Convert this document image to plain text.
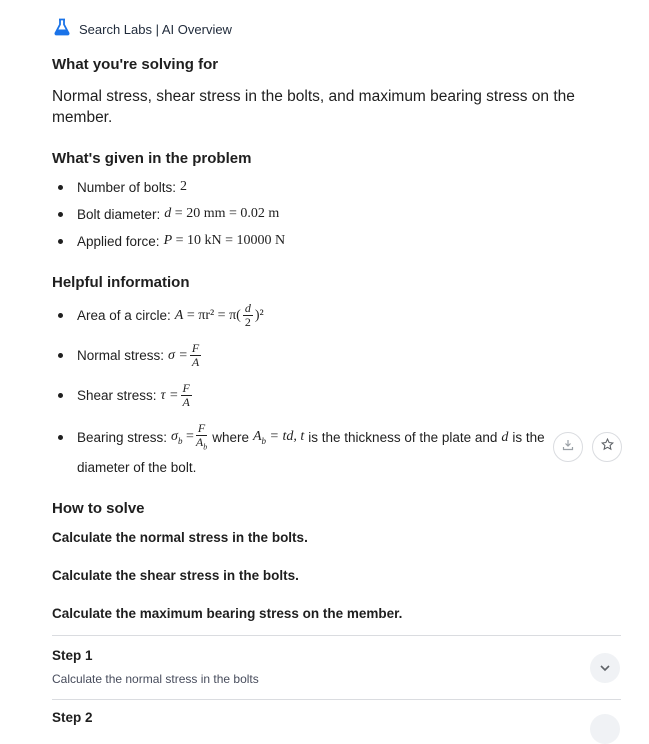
Search Labs | AI Overview
What you're solving for
Normal stress, shear stress in the bolts, and maximum bearing stress on the member.
What's given in the problem
Number of bolts: 2
Bolt diameter: d = 20 mm = 0.02 m
Applied force: P = 10 kN = 10000 N
Helpful information
Area of a circle: $A = \pi r^2 = \pi( \frac{d}{2} )^2$
Normal stress: $\sigma = \frac{F}{A}$
Shear stress: $\tau = \frac{F}{A}$
Bearing stress: $\sigma_b = \frac{F}{A_b}$ where $A_b$ = td, t is the thickness of the plate and d is the
diameter of the bolt.
How to solve
Calculate the normal stress in the bolts.
Calculate the shear stress in the bolts.
Calculate the maximum bearing stress on the member.
Step 1
Calculate the normal stress in the bolts
Step 2
